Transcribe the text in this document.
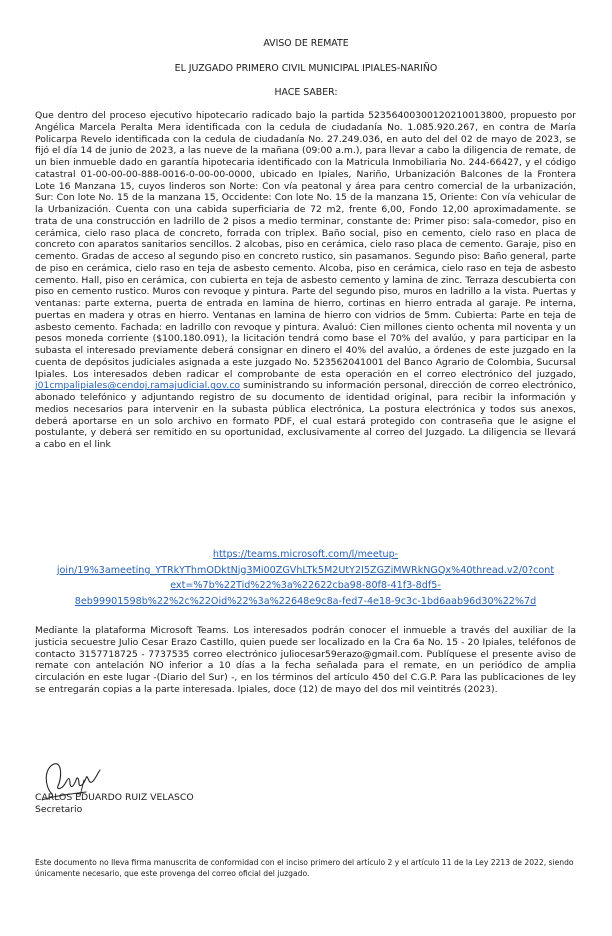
AVISO DE REMATE
EL JUZGADO PRIMERO CIVIL MUNICIPAL IPIALES-NARIÑO
HACE SABER:

Que dentro del proceso ejecutivo hipotecario radicado bajo la partida 52356400300120210013800, propuesto por Angélica Marcela Peralta Mera identificada con la cedula de ciudadanía No. 1.085.920.267, en contra de María Policarpa Revelo identificada con la cedula de ciudadanía No. 27.249.036, en auto del del 02 de mayo de 2023, se fijó el día 14 de junio de 2023, a las nueve de la mañana (09:00 a.m.), para llevar a cabo la diligencia de remate, de un bien inmueble dado en garantía hipotecaria identificado con la Matricula Inmobiliaria No. 244-66427, y el código catastral 01-00-00-00-888-0016-0-00-00-0000, ubicado en Ipiales, Nariño, Urbanización Balcones de la Frontera Lote 16 Manzana 15, cuyos linderos son Norte: Con vía peatonal y área para centro comercial de la urbanización, Sur: Con lote No. 15 de la manzana 15, Occidente: Con lote No. 15 de la manzana 15, Oriente: Con vía vehicular de la Urbanización. Cuenta con una cabida superficiaria de 72 m2, frente 6,00, Fondo 12,00 aproximadamente. se trata de una construcción en ladrillo de 2 pisos a medio terminar, constante de: Primer piso: sala-comedor, piso en cerámica, cielo raso placa de concreto, forrada con triplex. Baño social, piso en cemento, cielo raso en placa de concreto con aparatos sanitarios sencillos. 2 alcobas, piso en cerámica, cielo raso placa de cemento. Garaje, piso en cemento. Gradas de acceso al segundo piso en concreto rustico, sin pasamanos. Segundo piso: Baño general, parte de piso en cerámica, cielo raso en teja de asbesto cemento. Alcoba, piso en cerámica, cielo raso en teja de asbesto cemento. Hall, piso en cerámica, con cubierta en teja de asbesto cemento y lamina de zinc. Terraza descubierta con piso en cemento rustico. Muros con revoque y pintura. Parte del segundo piso, muros en ladrillo a la vista. Puertas y ventanas: parte externa, puerta de entrada en lamina de hierro, cortinas en hierro entrada al garaje. Pe interna, puertas en madera y otras en hierro. Ventanas en lamina de hierro con vidrios de 5mm. Cubierta: Parte en teja de asbesto cemento. Fachada: en ladrillo con revoque y pintura. Avaluó: Cien millones ciento ochenta mil noventa y un pesos moneda corriente ($100.180.091), la licitación tendrá como base el 70% del avalúo, y para participar en la subasta el interesado previamente deberá consignar en dinero el 40% del avalúo, a órdenes de este juzgado en la cuenta de depósitos judiciales asignada a este juzgado No. 523562041001 del Banco Agrario de Colombia, Sucursal Ipiales. Los interesados deben radicar el comprobante de esta operación en el correo electrónico del juzgado, j01cmpalipiales@cendoj.ramajudicial.gov.co suministrando su información personal, dirección de correo electrónico, abonado telefónico y adjuntando registro de su documento de identidad original, para recibir la información y medios necesarios para intervenir en la subasta pública electrónica, La postura electrónica y todos sus anexos, deberá aportarse en un solo archivo en formato PDF, el cual estará protegido con contraseña que le asigne el postulante, y deberá ser remitido en su oportunidad, exclusivamente al correo del Juzgado. La diligencia se llevará a cabo en el link

https://teams.microsoft.com/l/meetup-
join/19%3ameeting_YTRkYThmODktNjg3Mi00ZGVhLTk5M2UtY2I5ZGZiMWRkNGQx%40thread.v2/0?cont
ext=%7b%22Tid%22%3a%22622cba98-80f8-41f3-8df5-
8eb99901598b%22%2c%22Oid%22%3a%22648e9c8a-fed7-4e18-9c3c-1bd6aab96d30%22%7d

Mediante la plataforma Microsoft Teams. Los interesados podrán conocer el inmueble a través del auxiliar de la justicia secuestre Julio Cesar Erazo Castillo, quien puede ser localizado en la Cra 6a No. 15 - 20 Ipiales, teléfonos de contacto 3157718725 - 7737535 correo electrónico juliocesar59erazo@gmail.com. Publíquese el presente aviso de remate con antelación NO inferior a 10 días a la fecha señalada para el remate, en un periódico de amplia circulación en este lugar -(Diario del Sur) -, en los términos del artículo 450 del C.G.P. Para las publicaciones de ley se entregarán copias a la parte interesada. Ipiales, doce (12) de mayo del dos mil veintitrés (2023).

CARLOS EDUARDO RUIZ VELASCO
Secretario

Este documento no lleva firma manuscrita de conformidad con el inciso primero del artículo 2 y el artículo 11 de la Ley 2213 de 2022, siendo únicamente necesario, que este provenga del correo oficial del juzgado.
